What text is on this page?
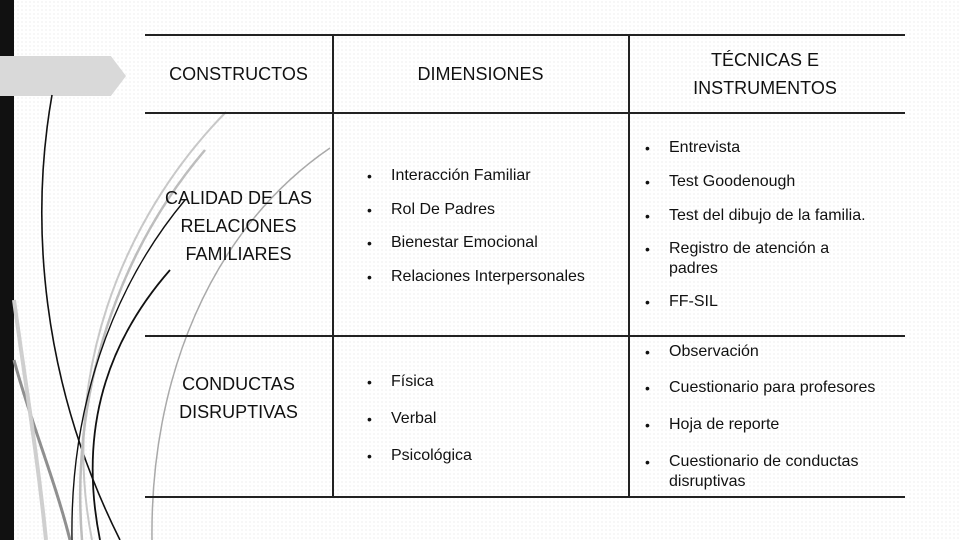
CONSTRUCTOS	DIMENSIONES
TÉCNICAS E INSTRUMENTOS
CALIDAD DE LAS RELACIONES FAMILIARES
• Interacción Familiar
• Rol De Padres
• Bienestar Emocional
• Relaciones Interpersonales
• Entrevista
• Test Goodenough
• Test del dibujo de la familia.
• Registro de atención a padres
• FF-SIL
CONDUCTAS DISRUPTIVAS
• Física
• Verbal
• Psicológica
• Observación
• Cuestionario para profesores
• Hoja de reporte
• Cuestionario de conductas disruptivas
